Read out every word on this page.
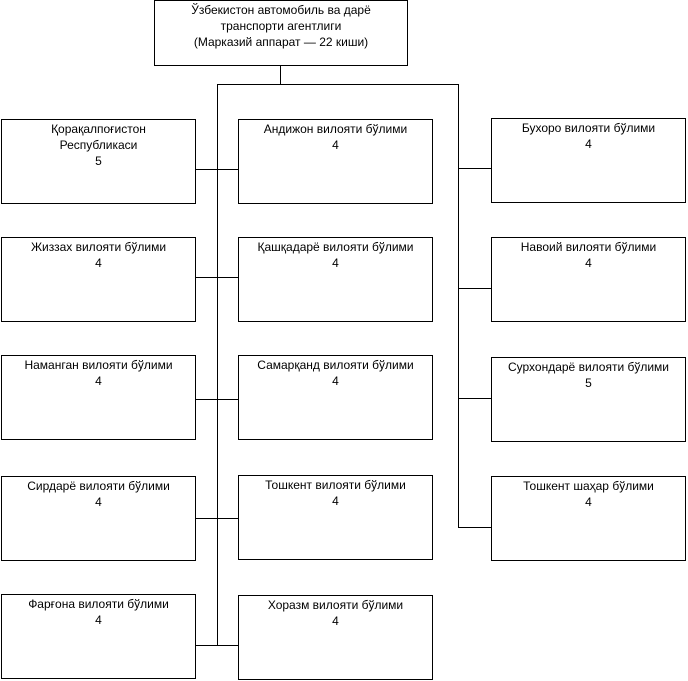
Ўзбекистон автомобиль ва дарё
транспорти агентлиги
(Марказий аппарат — 22 киши)
Қорақалпоғистон
Республикаси
5
Жиззах вилояти бўлими
4
Наманган вилояти бўлими
4
Сирдарё вилояти бўлими
4
Фарғона вилояти бўлими
4
Андижон вилояти бўлими
4
Қашқадарё вилояти бўлими
4
Самарқанд вилояти бўлими
4
Тошкент вилояти бўлими
4
Хоразм вилояти бўлими
4
Бухоро вилояти бўлими
4
Навоий вилояти бўлими
4
Сурхондарё вилояти бўлими
5
Тошкент шаҳар бўлими
4
